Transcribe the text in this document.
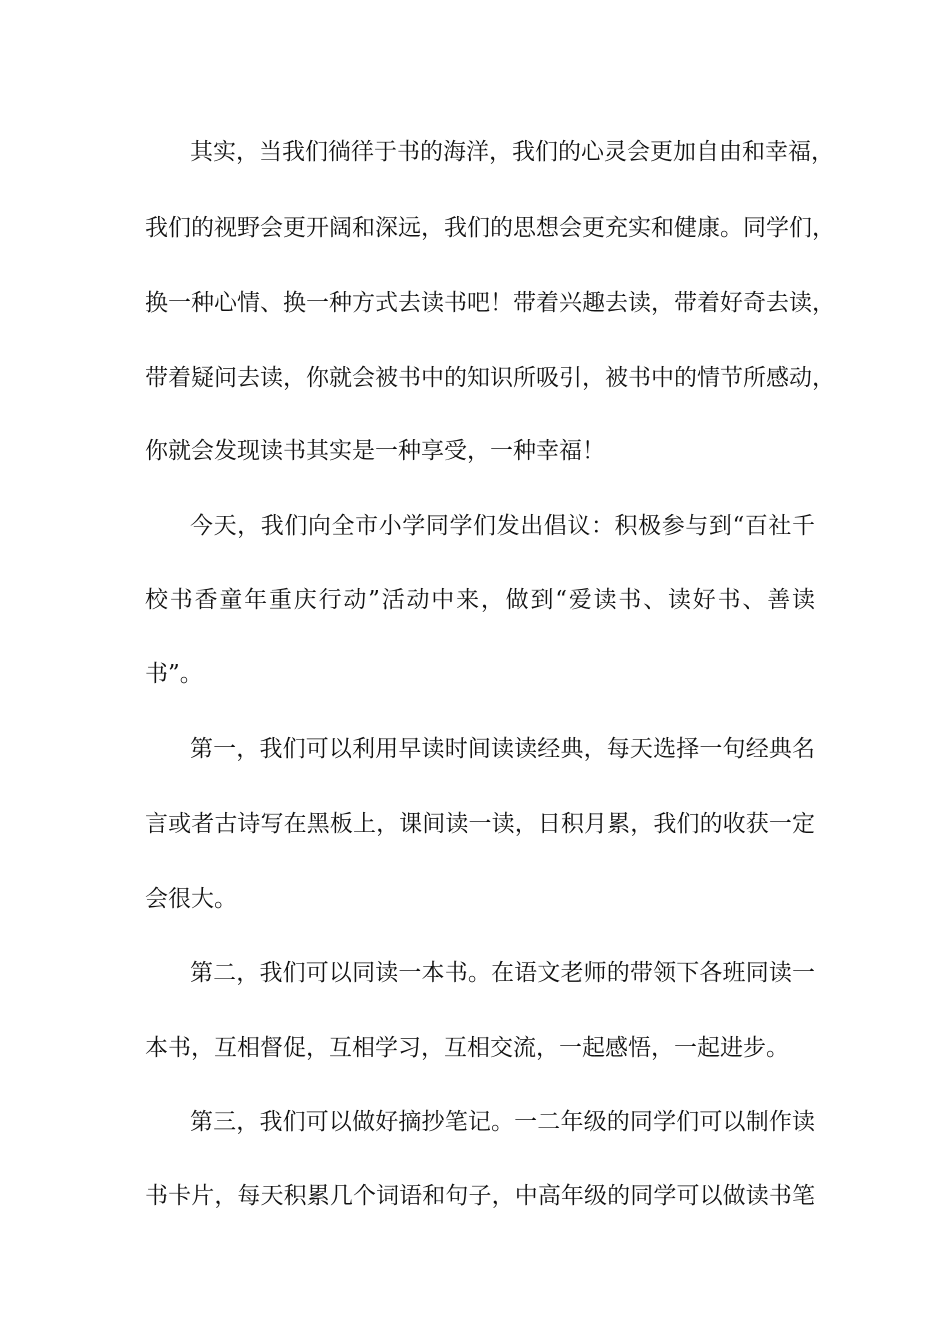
其实，当我们徜徉于书的海洋，我们的心灵会更加自由和幸福，
我们的视野会更开阔和深远，我们的思想会更充实和健康。同学们，
换一种心情、换一种方式去读书吧！带着兴趣去读，带着好奇去读，
带着疑问去读，你就会被书中的知识所吸引，被书中的情节所感动，
你就会发现读书其实是一种享受，一种幸福！
今天，我们向全市小学同学们发出倡议：积极参与到“百社千
校书香童年重庆行动”活动中来，做到“爱读书、读好书、善读
书”。
第一，我们可以利用早读时间读读经典，每天选择一句经典名
言或者古诗写在黑板上，课间读一读，日积月累，我们的收获一定
会很大。
第二，我们可以同读一本书。在语文老师的带领下各班同读一
本书，互相督促，互相学习，互相交流，一起感悟，一起进步。
第三，我们可以做好摘抄笔记。一二年级的同学们可以制作读
书卡片，每天积累几个词语和句子，中高年级的同学可以做读书笔
